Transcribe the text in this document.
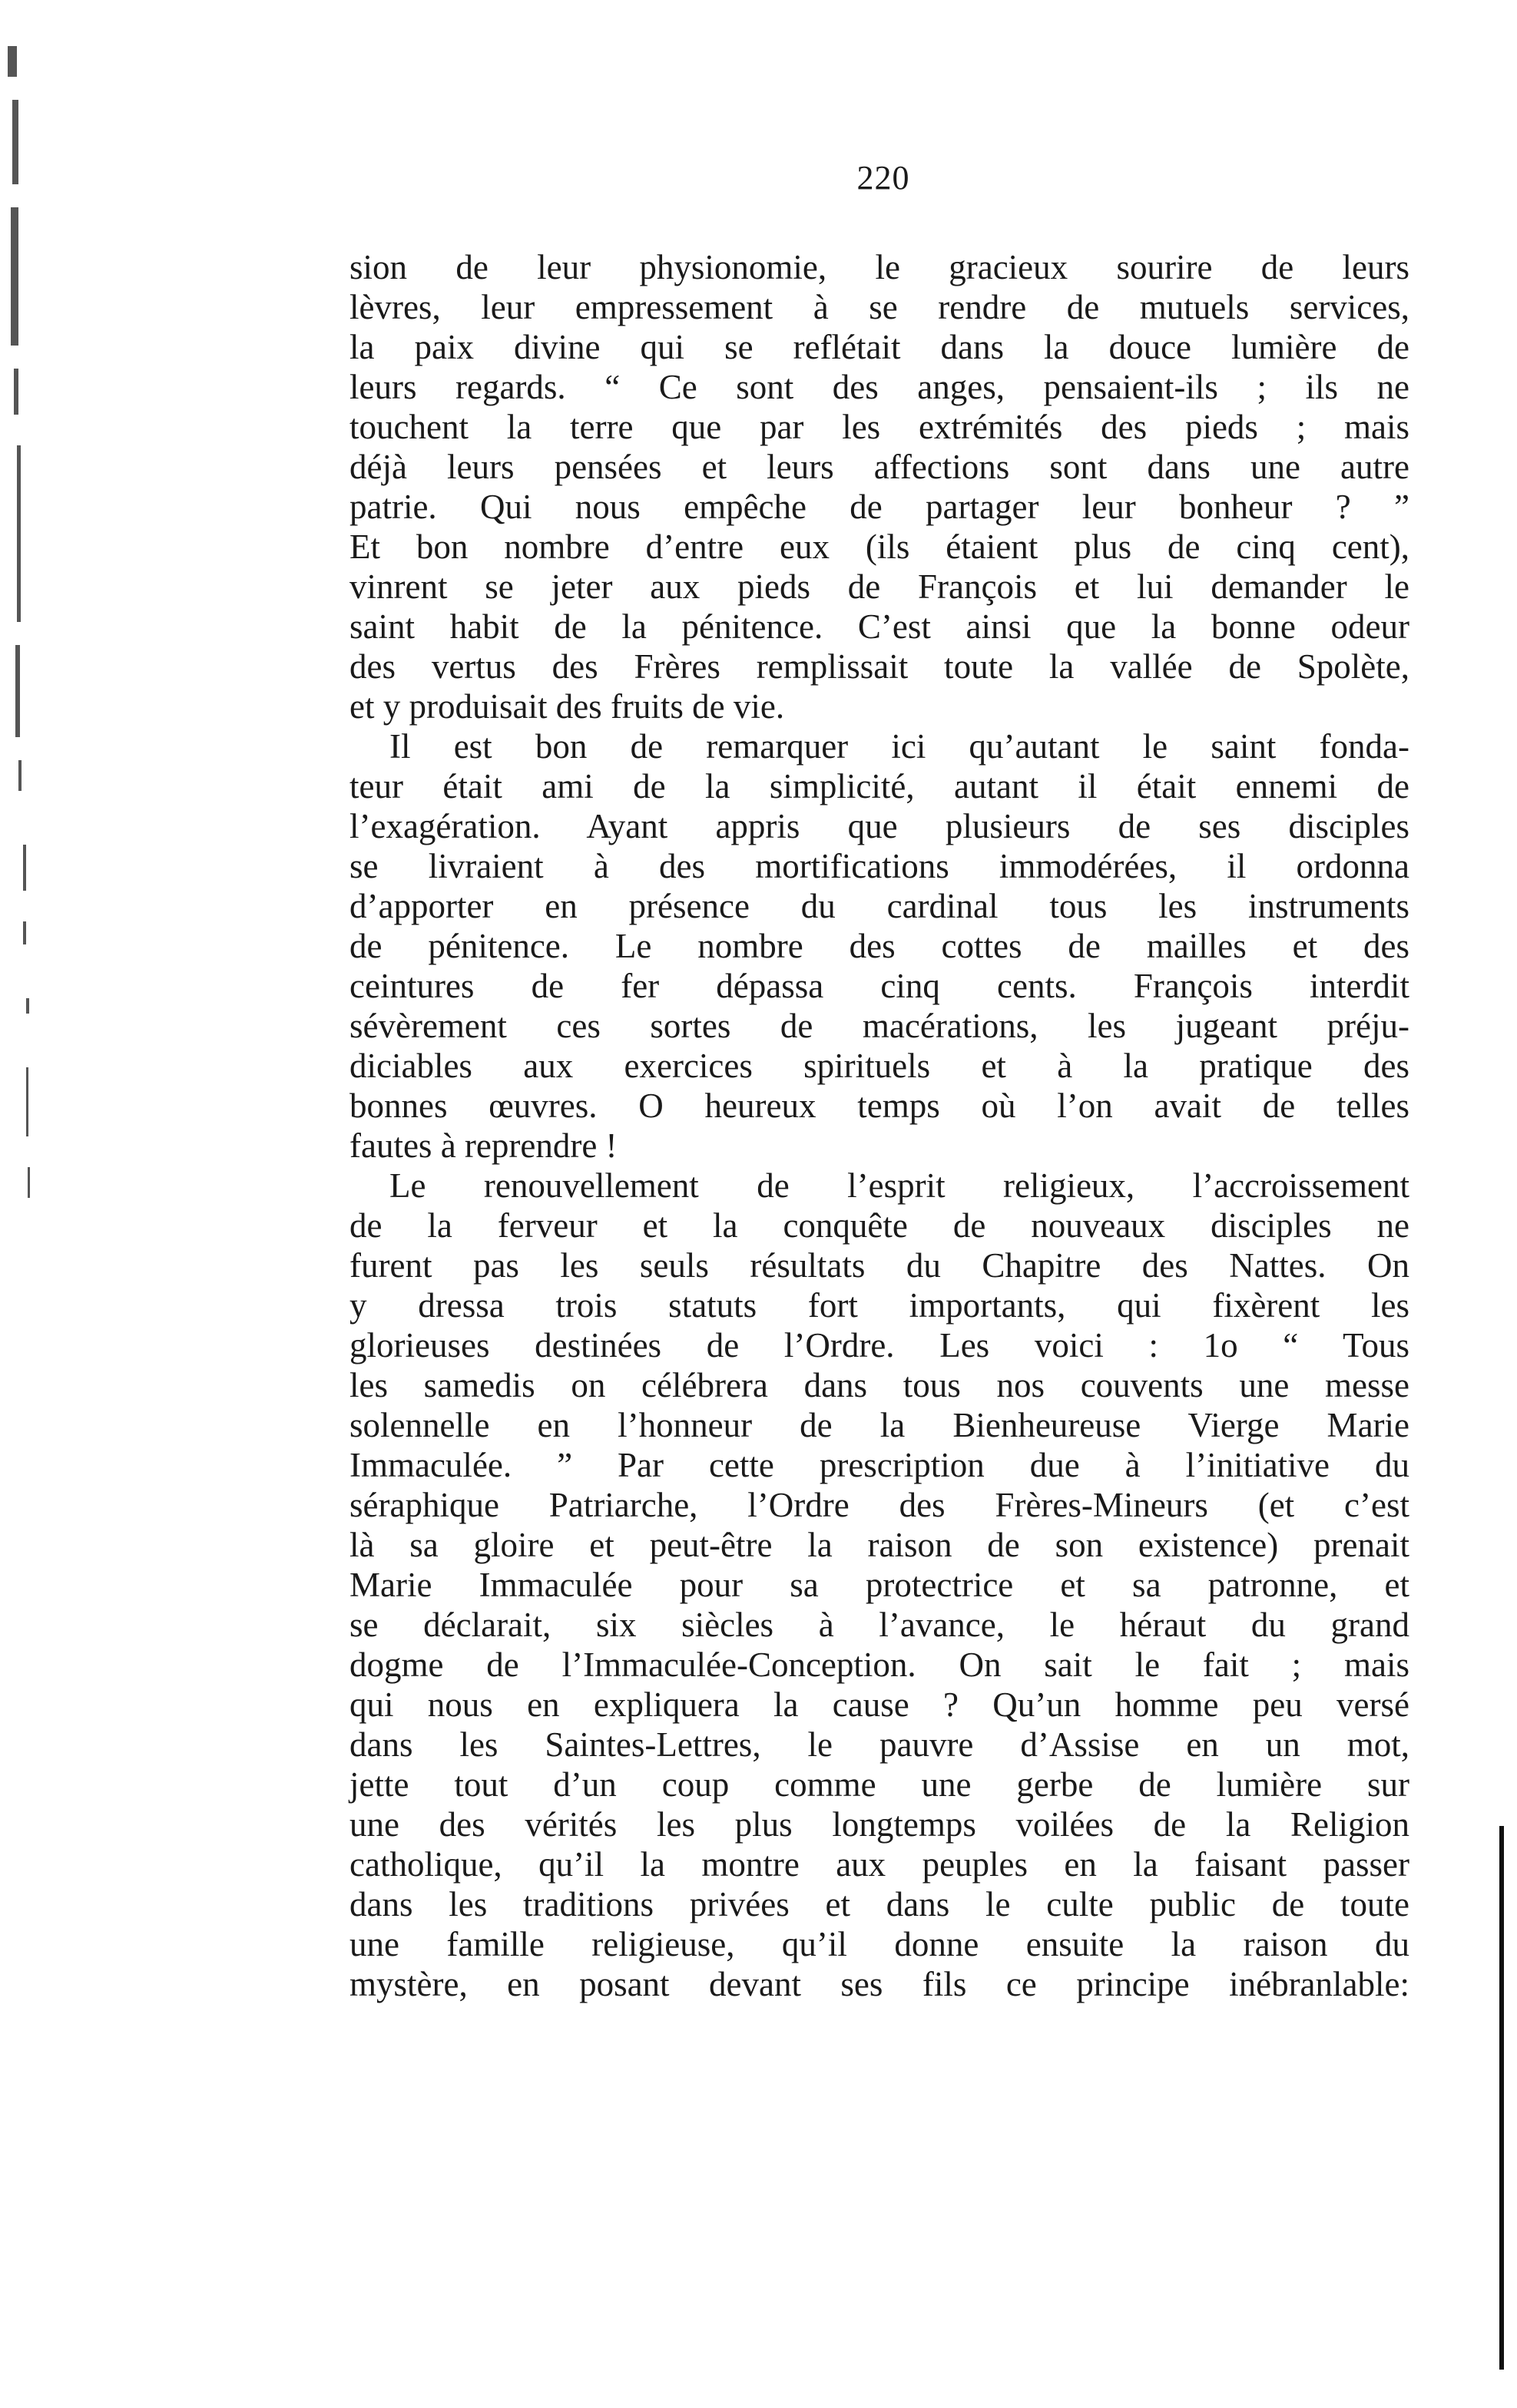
220
sion de leur physionomie, le gracieux sourire de leurs
lèvres, leur empressement à se rendre de mutuels services,
la paix divine qui se reflétait dans la douce lumière de
leurs regards. “ Ce sont des anges, pensaient-ils ; ils ne
touchent la terre que par les extrémités des pieds ; mais
déjà leurs pensées et leurs affections sont dans une autre
patrie. Qui nous empêche de partager leur bonheur ? ”
Et bon nombre d’entre eux (ils étaient plus de cinq cent),
vinrent se jeter aux pieds de François et lui demander le
saint habit de la pénitence. C’est ainsi que la bonne odeur
des vertus des Frères remplissait toute la vallée de Spolète,
et y produisait des fruits de vie.
Il est bon de remarquer ici qu’autant le saint fonda-
teur était ami de la simplicité, autant il était ennemi de
l’exagération. Ayant appris que plusieurs de ses disciples
se livraient à des mortifications immodérées, il ordonna
d’apporter en présence du cardinal tous les instruments
de pénitence. Le nombre des cottes de mailles et des
ceintures de fer dépassa cinq cents. François interdit
sévèrement ces sortes de macérations, les jugeant préju-
diciables aux exercices spirituels et à la pratique des
bonnes œuvres. O heureux temps où l’on avait de telles
fautes à reprendre !
Le renouvellement de l’esprit religieux, l’accroissement
de la ferveur et la conquête de nouveaux disciples ne
furent pas les seuls résultats du Chapitre des Nattes. On
y dressa trois statuts fort importants, qui fixèrent les
glorieuses destinées de l’Ordre. Les voici : 1o “ Tous
les samedis on célébrera dans tous nos couvents une messe
solennelle en l’honneur de la Bienheureuse Vierge Marie
Immaculée. ” Par cette prescription due à l’initiative du
séraphique Patriarche, l’Ordre des Frères-Mineurs (et c’est
là sa gloire et peut-être la raison de son existence) prenait
Marie Immaculée pour sa protectrice et sa patronne, et
se déclarait, six siècles à l’avance, le héraut du grand
dogme de l’Immaculée-Conception. On sait le fait ; mais
qui nous en expliquera la cause ? Qu’un homme peu versé
dans les Saintes-Lettres, le pauvre d’Assise en un mot,
jette tout d’un coup comme une gerbe de lumière sur
une des vérités les plus longtemps voilées de la Religion
catholique, qu’il la montre aux peuples en la faisant passer
dans les traditions privées et dans le culte public de toute
une famille religieuse, qu’il donne ensuite la raison du
mystère, en posant devant ses fils ce principe inébranlable:
